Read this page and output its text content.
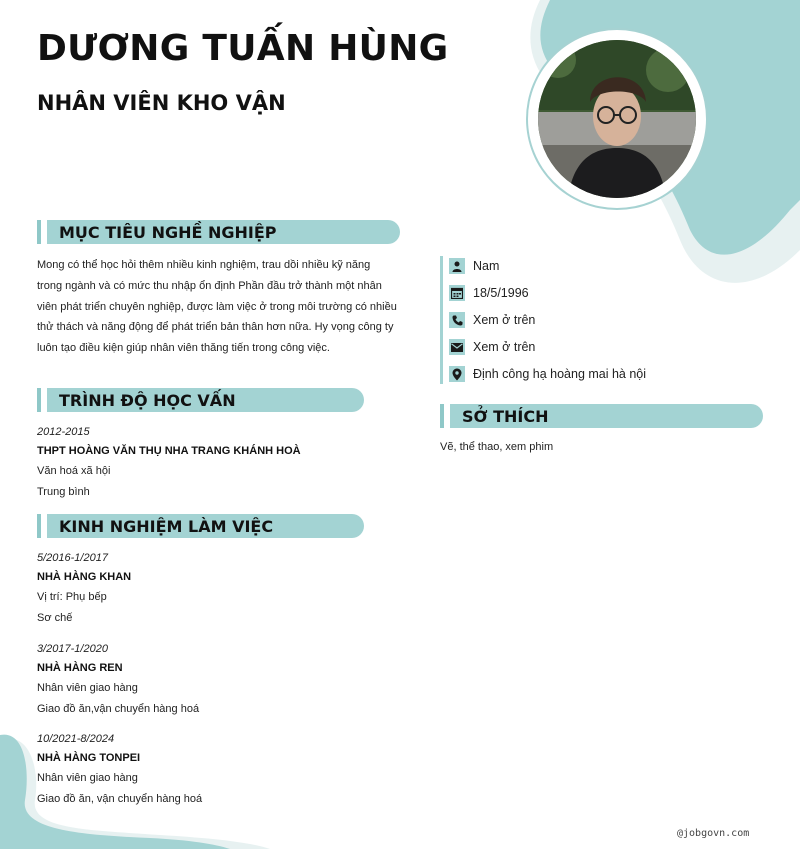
DƯƠNG TUẤN HÙNG
NHÂN VIÊN KHO VẬN
MỤC TIÊU NGHỀ NGHIỆP
Mong có thể học hỏi thêm nhiều kinh nghiệm, trau dồi nhiều kỹ năng
trong ngành và có mức thu nhập ổn định Phần đầu trở thành một nhân
viên phát triển chuyên nghiệp, được làm việc ở trong môi trường có nhiều
thử thách và năng động để phát triển bản thân hơn nữa. Hy vọng công ty
luôn tạo điều kiện giúp nhân viên thăng tiến trong công việc.
TRÌNH ĐỘ HỌC VẤN
2012-2015
THPT HOÀNG VĂN THỤ NHA TRANG KHÁNH HOÀ
Văn hoá xã hội
Trung bình
KINH NGHIỆM LÀM VIỆC
5/2016-1/2017
NHÀ HÀNG KHAN
Vị trí: Phụ bếp
Sơ chế
3/2017-1/2020
NHÀ HÀNG REN
Nhân viên giao hàng
Giao đồ ăn,vận chuyển hàng hoá
10/2021-8/2024
NHÀ HÀNG TONPEI
Nhân viên giao hàng
Giao đồ ăn, vận chuyển hàng hoá
Nam
18/5/1996
Xem ở trên
Xem ở trên
Định công hạ hoàng mai hà nội
SỞ THÍCH
Vẽ, thể thao, xem phim
@jobgovn.com
